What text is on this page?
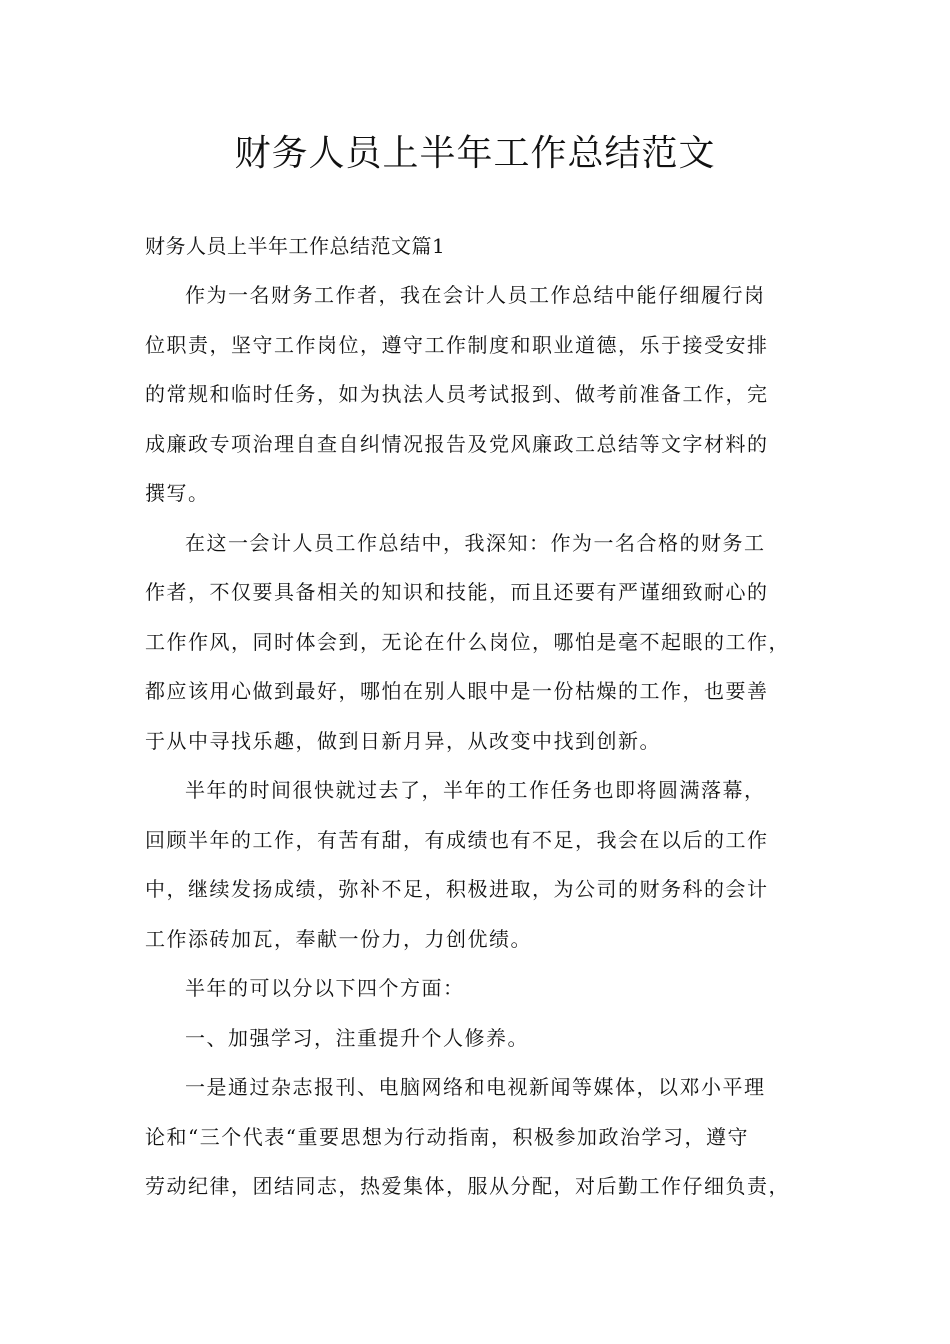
财务人员上半年工作总结范文

财务人员上半年工作总结范文篇1

作为一名财务工作者，我在会计人员工作总结中能仔细履行岗
位职责，坚守工作岗位，遵守工作制度和职业道德，乐于接受安排
的常规和临时任务，如为执法人员考试报到、做考前准备工作，完
成廉政专项治理自查自纠情况报告及党风廉政工总结等文字材料的
撰写。

在这一会计人员工作总结中，我深知：作为一名合格的财务工
作者，不仅要具备相关的知识和技能，而且还要有严谨细致耐心的
工作作风，同时体会到，无论在什么岗位，哪怕是毫不起眼的工作，
都应该用心做到最好，哪怕在别人眼中是一份枯燥的工作，也要善
于从中寻找乐趣，做到日新月异，从改变中找到创新。

半年的时间很快就过去了，半年的工作任务也即将圆满落幕，
回顾半年的工作，有苦有甜，有成绩也有不足，我会在以后的工作
中，继续发扬成绩，弥补不足，积极进取，为公司的财务科的会计
工作添砖加瓦，奉献一份力，力创优绩。

半年的可以分以下四个方面：

一、加强学习，注重提升个人修养。

一是通过杂志报刊、电脑网络和电视新闻等媒体，以邓小平理
论和“三个代表“重要思想为行动指南，积极参加政治学习，遵守
劳动纪律，团结同志，热爱集体，服从分配，对后勤工作仔细负责，
